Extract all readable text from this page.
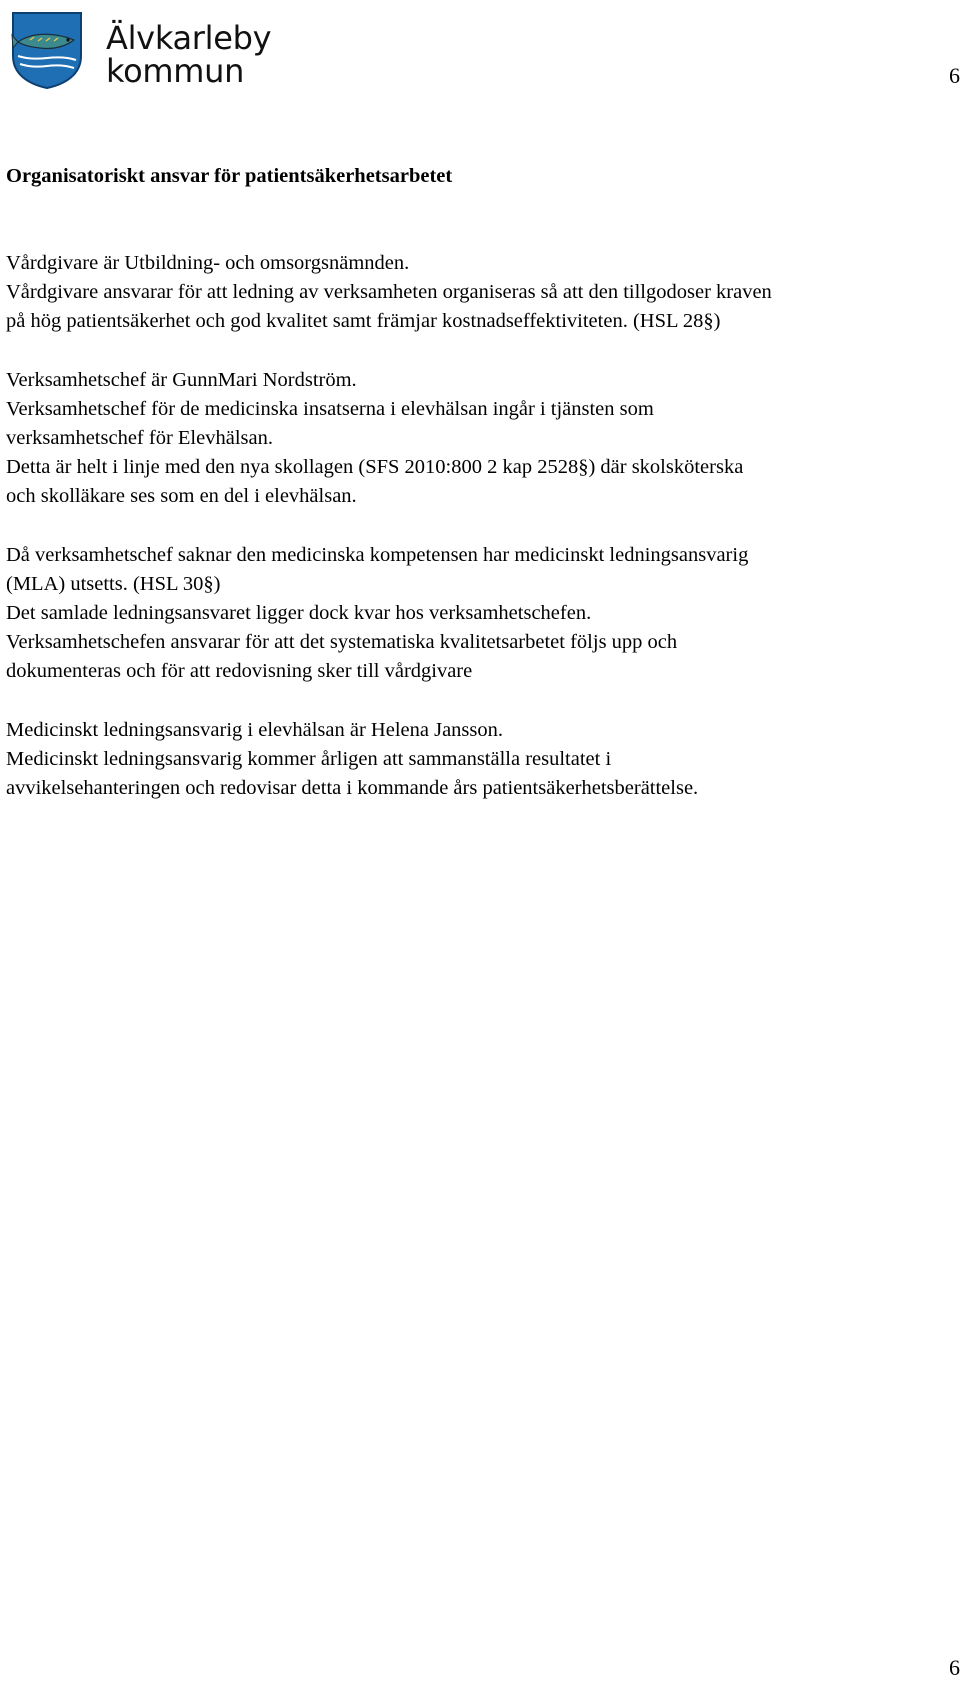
Älvkarleby
kommun	6
Organisatoriskt ansvar för patientsäkerhetsarbetet
Vårdgivare är Utbildning- och omsorgsnämnden.
Vårdgivare ansvarar för att ledning av verksamheten organiseras så att den tillgodoser kraven
på hög patientsäkerhet och god kvalitet samt främjar kostnadseffektiviteten. (HSL 28§)
Verksamhetschef är GunnMari Nordström.
Verksamhetschef för de medicinska insatserna i elevhälsan ingår i tjänsten som
verksamhetschef för Elevhälsan.
Detta är helt i linje med den nya skollagen (SFS 2010:800 2 kap 2528§) där skolsköterska
och skolläkare ses som en del i elevhälsan.
Då verksamhetschef saknar den medicinska kompetensen har medicinskt ledningsansvarig
(MLA) utsetts. (HSL 30§)
Det samlade ledningsansvaret ligger dock kvar hos verksamhetschefen.
Verksamhetschefen ansvarar för att det systematiska kvalitetsarbetet följs upp och
dokumenteras och för att redovisning sker till vårdgivare
Medicinskt ledningsansvarig i elevhälsan är Helena Jansson.
Medicinskt ledningsansvarig kommer årligen att sammanställa resultatet i
avvikelsehanteringen och redovisar detta i kommande års patientsäkerhetsberättelse.
6
